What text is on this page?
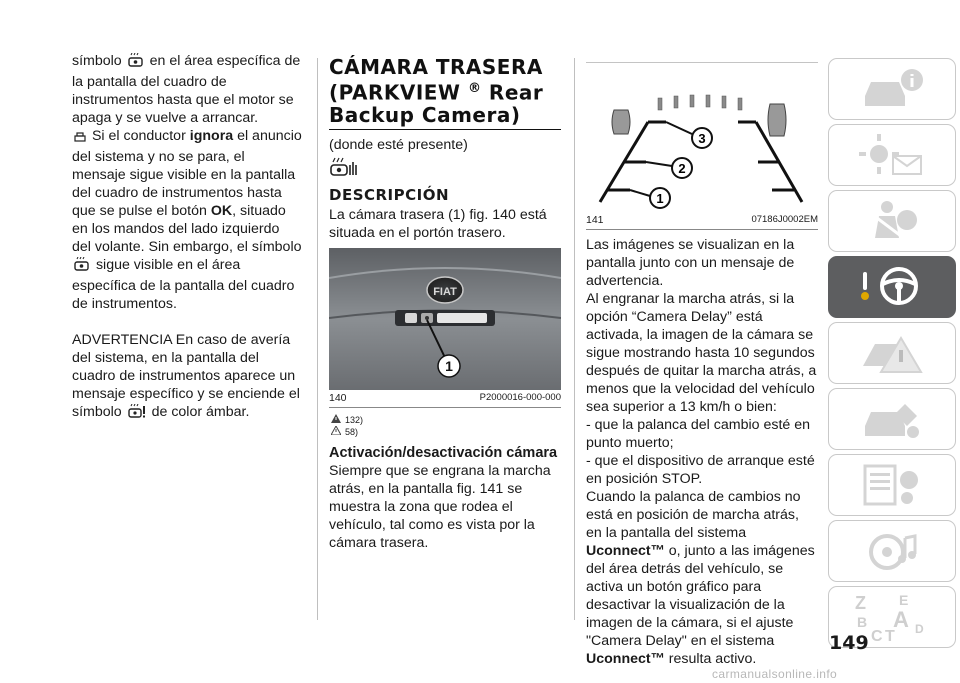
símbolo en el área específica de la pantalla del cuadro de instrumentos hasta que el motor se apaga y se vuelve a arrancar.

Si el conductor ignora el anuncio del sistema y no se para, el mensaje sigue visible en la pantalla del cuadro de instrumentos hasta que se pulse el botón OK, situado en los mandos del lado izquierdo del volante. Sin embargo, el símbolo  sigue visible en el área específica de la pantalla del cuadro de instrumentos.

ADVERTENCIA En caso de avería del sistema, en la pantalla del cuadro de instrumentos aparece un mensaje específico y se enciende el símbolo de color ámbar.

CÁMARA TRASERA
(PARKVIEW ® Rear
Backup Camera)

(donde esté presente)

DESCRIPCIÓN

La cámara trasera (1) fig. 140 está situada en el portón trasero.

FIAT
1
140	P2000016-000-000
132)
58)
Activación/desactivación cámara

Siempre que se engrana la marcha atrás, en la pantalla fig. 141 se muestra la zona que rodea el vehículo, tal como es vista por la cámara trasera.

3
2
1
141	07186J0002EM

Las imágenes se visualizan en la pantalla junto con un mensaje de advertencia.

Al engranar la marcha atrás, si la opción “Camera Delay” está activada, la imagen de la cámara se sigue mostrando hasta 10 segundos después de quitar la marcha atrás, a menos que la velocidad del vehículo sea superior a 13 km/h o bien:

- que la palanca del cambio esté en punto muerto;

- que el dispositivo de arranque esté en posición STOP.

Cuando la palanca de cambios no está en posición de marcha atrás, en la pantalla del sistema Uconnect™ o, junto a las imágenes del área detrás del vehículo, se activa un botón gráfico para desactivar la visualización de la imagen de la cámara, si el ajuste "Camera Delay" en el sistema Uconnect™ resulta activo.

Z E
B A
C T D
149
carmanualsonline.info
